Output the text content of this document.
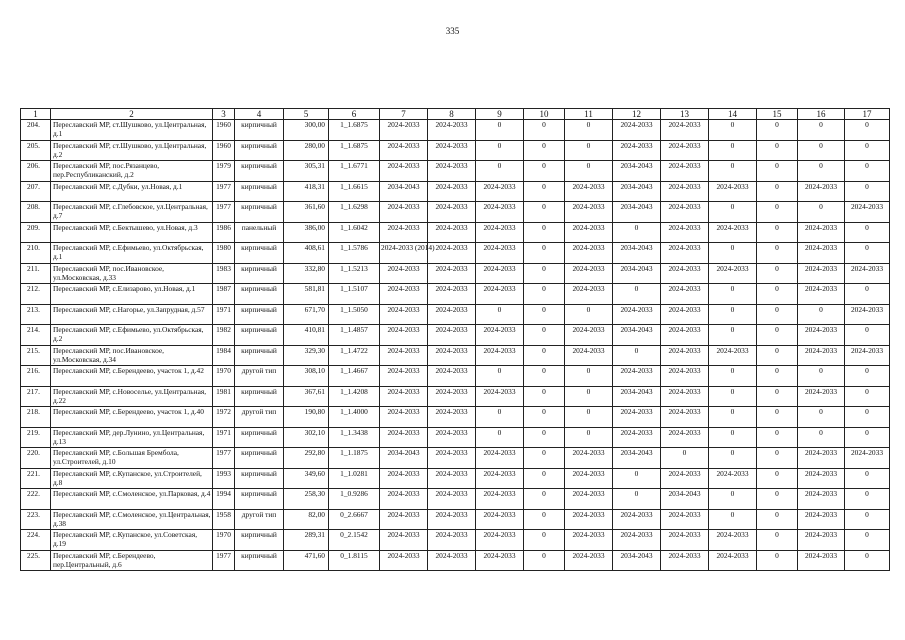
335
1	2	3	4	5	6	7	8	9	10	11	12	13	14	15	16	17
204.	Переславский МР, ст.Шушково, ул.Центральная, д.1	1960	кирпичный	300,00	1_1.6875	2024-2033	2024-2033	0	0	0	2024-2033	2024-2033	0	0	0	0
205.	Переславский МР, ст.Шушково, ул.Центральная, д.2	1960	кирпичный	280,00	1_1.6875	2024-2033	2024-2033	0	0	0	2024-2033	2024-2033	0	0	0	0
206.	Переславский МР, пос.Рязанцево, пер.Республиканский, д.2	1979	кирпичный	305,31	1_1.6771	2024-2033	2024-2033	0	0	0	2034-2043	2024-2033	0	0	0	0
207.	Переславский МР, с.Дубки, ул.Новая, д.1	1977	кирпичный	418,31	1_1.6615	2034-2043	2024-2033	2024-2033	0	2024-2033	2034-2043	2024-2033	2024-2033	0	2024-2033	0
208.	Переславский МР, с.Глебовское, ул.Центральная, д.7	1977	кирпичный	361,60	1_1.6298	2024-2033	2024-2033	2024-2033	0	2024-2033	2034-2043	2024-2033	0	0	0	2024-2033
209.	Переславский МР, с.Бектышево, ул.Новая, д.3	1986	панельный	386,00	1_1.6042	2024-2033	2024-2033	2024-2033	0	2024-2033	0	2024-2033	2024-2033	0	2024-2033	0
210.	Переславский МР, с.Ефимьево, ул.Октябрьская, д.1	1980	кирпичный	408,61	1_1.5786	2024-2033 (2014)	2024-2033	2024-2033	0	2024-2033	2034-2043	2024-2033	0	0	2024-2033	0
211.	Переславский МР, пос.Ивановское, ул.Московская, д.33	1983	кирпичный	332,80	1_1.5213	2024-2033	2024-2033	2024-2033	0	2024-2033	2034-2043	2024-2033	2024-2033	0	2024-2033	2024-2033
212.	Переславский МР, с.Елизарово, ул.Новая, д.1	1987	кирпичный	581,81	1_1.5107	2024-2033	2024-2033	2024-2033	0	2024-2033	0	2024-2033	0	0	2024-2033	0
213.	Переславский МР, с.Нагорье, ул.Запрудная, д.57	1971	кирпичный	671,70	1_1.5050	2024-2033	2024-2033	0	0	0	2024-2033	2024-2033	0	0	0	2024-2033
214.	Переславский МР, с.Ефимьево, ул.Октябрьская, д.2	1982	кирпичный	410,81	1_1.4857	2024-2033	2024-2033	2024-2033	0	2024-2033	2034-2043	2024-2033	0	0	2024-2033	0
215.	Переславский МР, пос.Ивановское, ул.Московская, д.34	1984	кирпичный	329,30	1_1.4722	2024-2033	2024-2033	2024-2033	0	2024-2033	0	2024-2033	2024-2033	0	2024-2033	2024-2033
216.	Переславский МР, с.Берендеево, участок 1, д.42	1970	другой тип	308,10	1_1.4667	2024-2033	2024-2033	0	0	0	2024-2033	2024-2033	0	0	0	0
217.	Переславский МР, с.Новоселье, ул.Центральная, д.22	1981	кирпичный	367,61	1_1.4208	2024-2033	2024-2033	2024-2033	0	0	2034-2043	2024-2033	0	0	2024-2033	0
218.	Переславский МР, с.Берендеево, участок 1, д.40	1972	другой тип	190,80	1_1.4000	2024-2033	2024-2033	0	0	0	2024-2033	2024-2033	0	0	0	0
219.	Переславский МР, дер.Лунино, ул.Центральная, д.13	1971	кирпичный	302,10	1_1.3438	2024-2033	2024-2033	0	0	0	2024-2033	2024-2033	0	0	0	0
220.	Переславский МР, с.Большая Брембола, ул.Строителей, д.10	1977	кирпичный	292,80	1_1.1875	2034-2043	2024-2033	2024-2033	0	2024-2033	2034-2043	0	0	0	2024-2033	2024-2033
221.	Переславский МР, с.Купанское, ул.Строителей, д.8	1993	кирпичный	349,60	1_1.0281	2024-2033	2024-2033	2024-2033	0	2024-2033	0	2024-2033	2024-2033	0	2024-2033	0
222.	Переславский МР, с.Смоленское, ул.Парковая, д.4	1994	кирпичный	258,30	1_0.9286	2024-2033	2024-2033	2024-2033	0	2024-2033	0	2034-2043	0	0	2024-2033	0
223.	Переславский МР, с.Смоленское, ул.Центральная, д.38	1958	другой тип	82,00	0_2.6667	2024-2033	2024-2033	2024-2033	0	2024-2033	2024-2033	2024-2033	0	0	2024-2033	0
224.	Переславский МР, с.Купанское, ул.Советская, д.19	1970	кирпичный	289,31	0_2.1542	2024-2033	2024-2033	2024-2033	0	2024-2033	2024-2033	2024-2033	2024-2033	0	2024-2033	0
225.	Переславский МР, с.Берендеево, пер.Центральный, д.6	1977	кирпичный	471,60	0_1.8115	2024-2033	2024-2033	2024-2033	0	2024-2033	2034-2043	2024-2033	2024-2033	0	2024-2033	0
